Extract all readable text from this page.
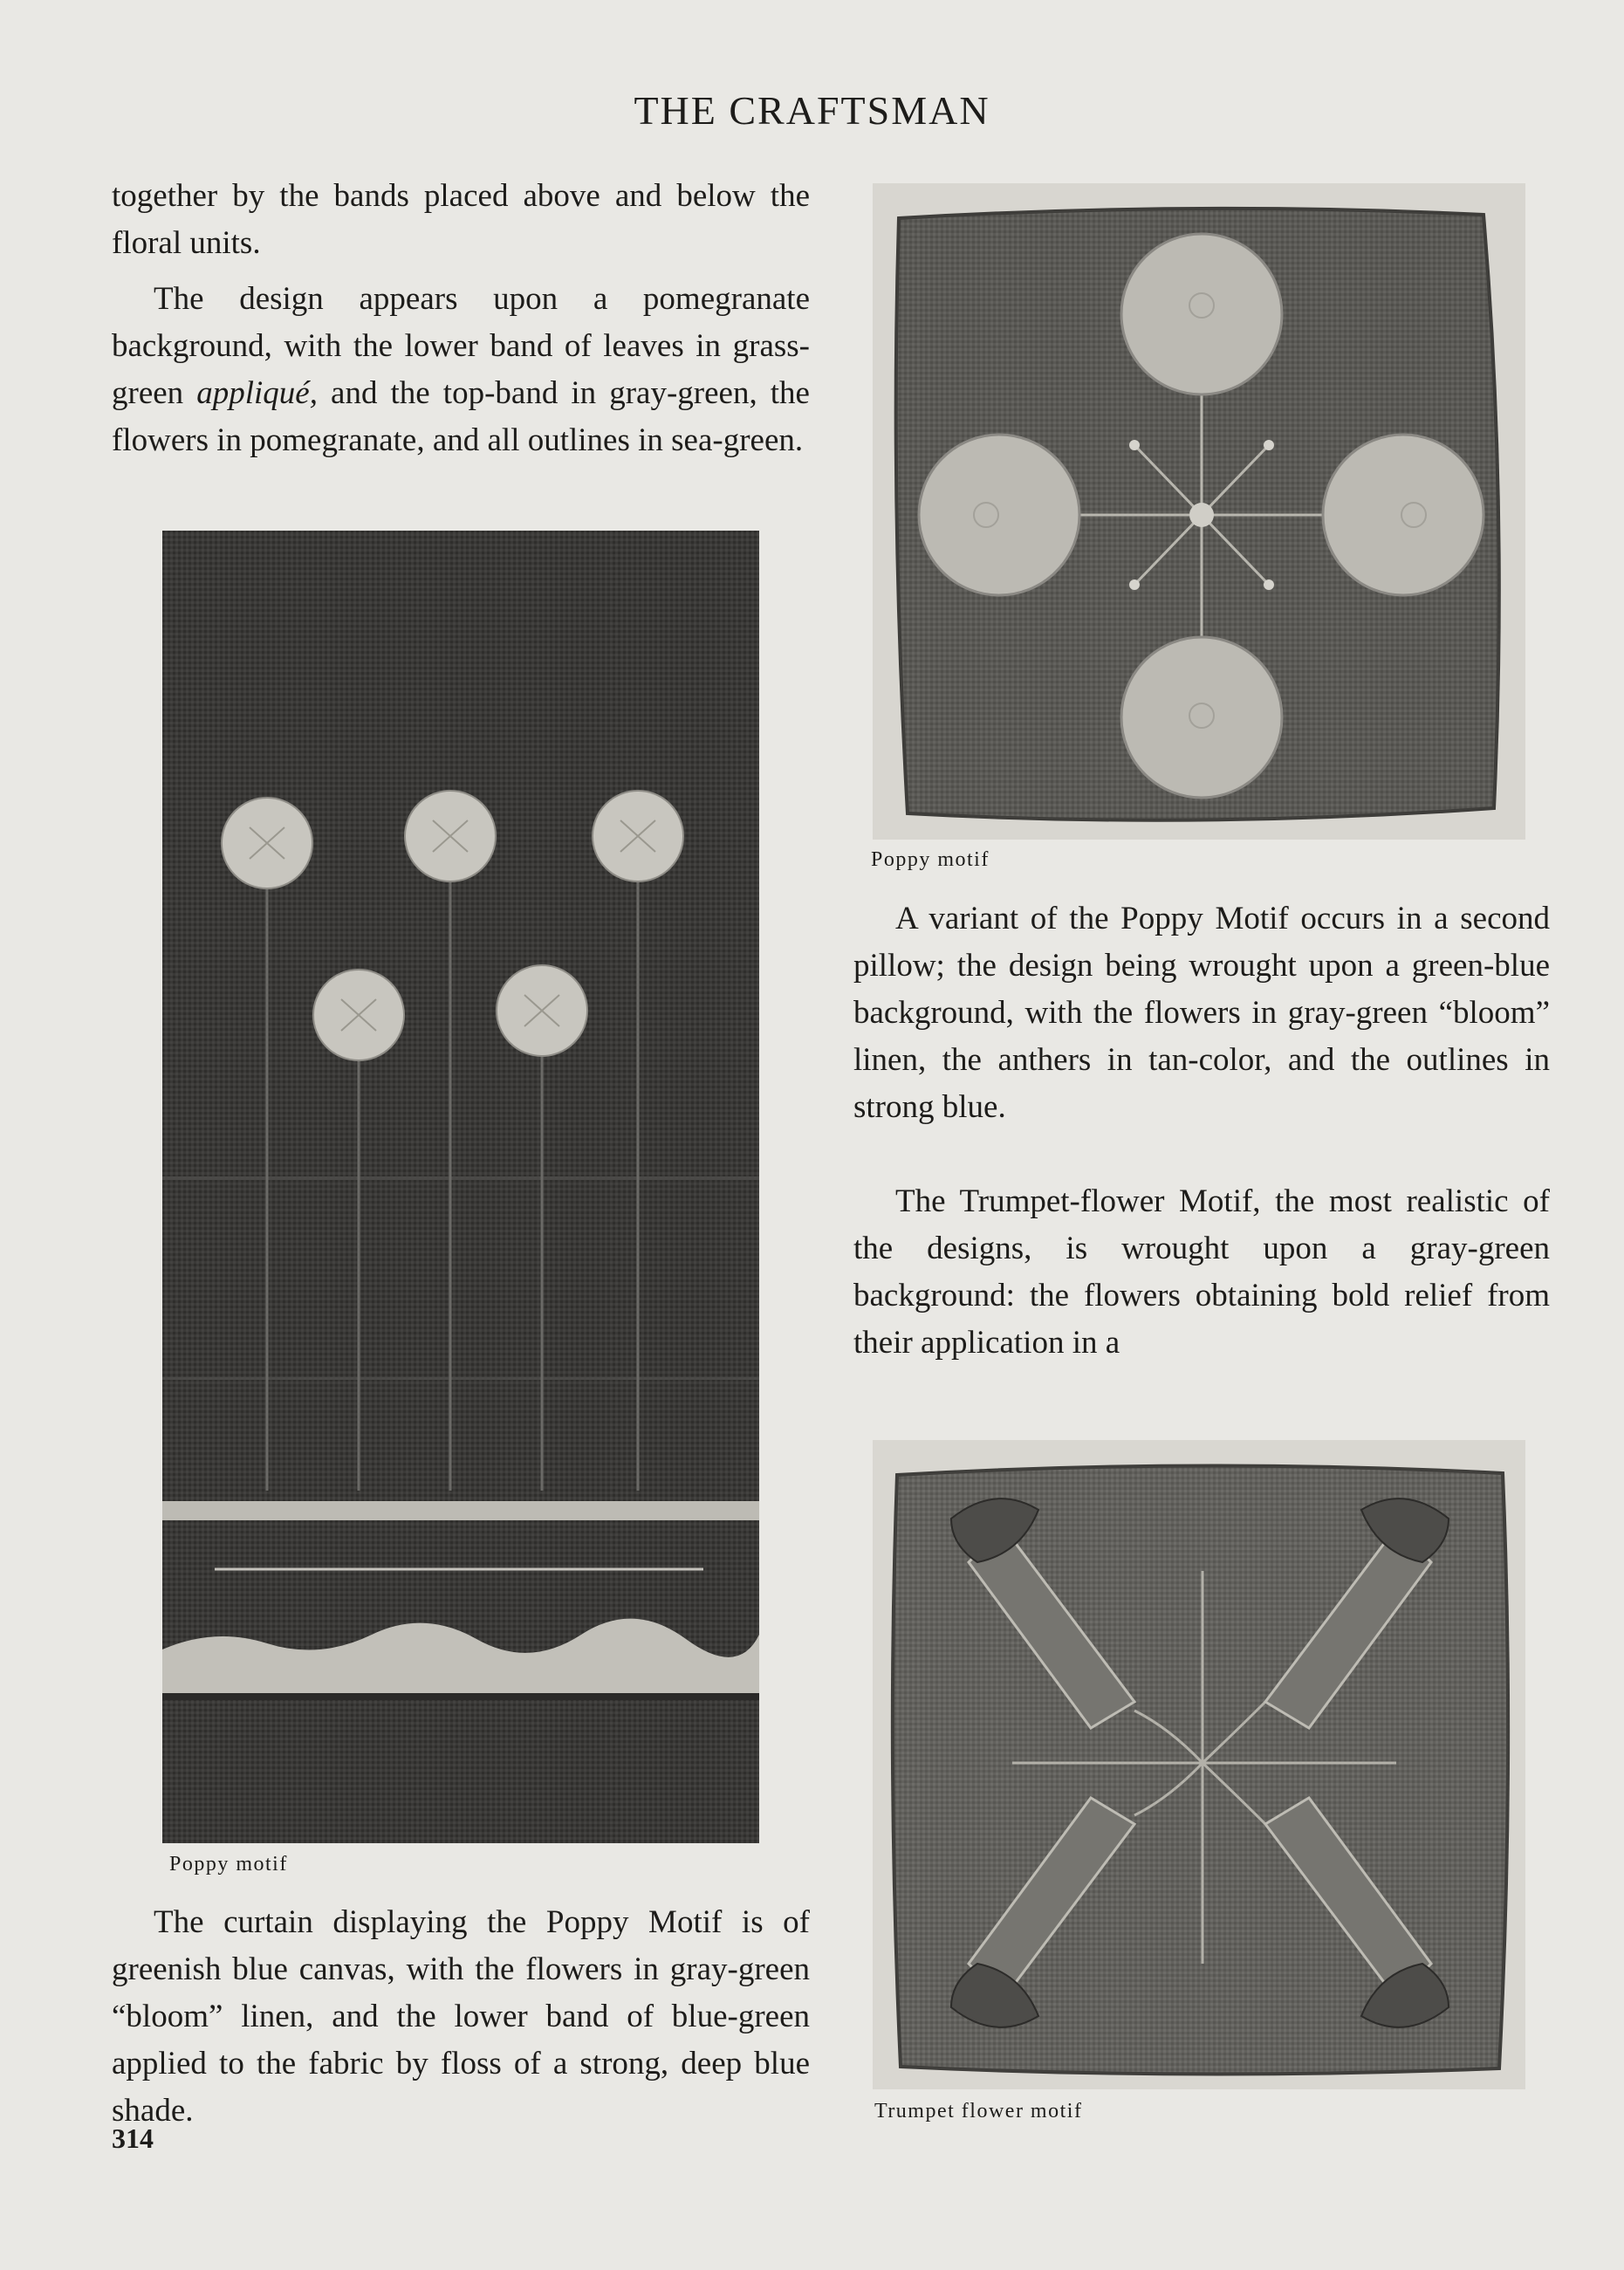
THE CRAFTSMAN

together by the bands placed above and below the floral units.

The design appears upon a pomegranate background, with the lower band of leaves in grass-green appliqué, and the top-band in gray-green, the flowers in pomegranate, and all outlines in sea-green.

Poppy motif

The curtain displaying the Poppy Motif is of greenish blue canvas, with the flowers in gray-green “bloom” linen, and the lower band of blue-green applied to the fabric by floss of a strong, deep blue shade.

314
Poppy motif

A variant of the Poppy Motif occurs in a second pillow; the design being wrought upon a green-blue background, with the flowers in gray-green “bloom” linen, the anthers in tan-color, and the outlines in strong blue.

The Trumpet-flower Motif, the most realistic of the designs, is wrought upon a gray-green background: the flowers obtaining bold relief from their application in a

Trumpet flower motif
